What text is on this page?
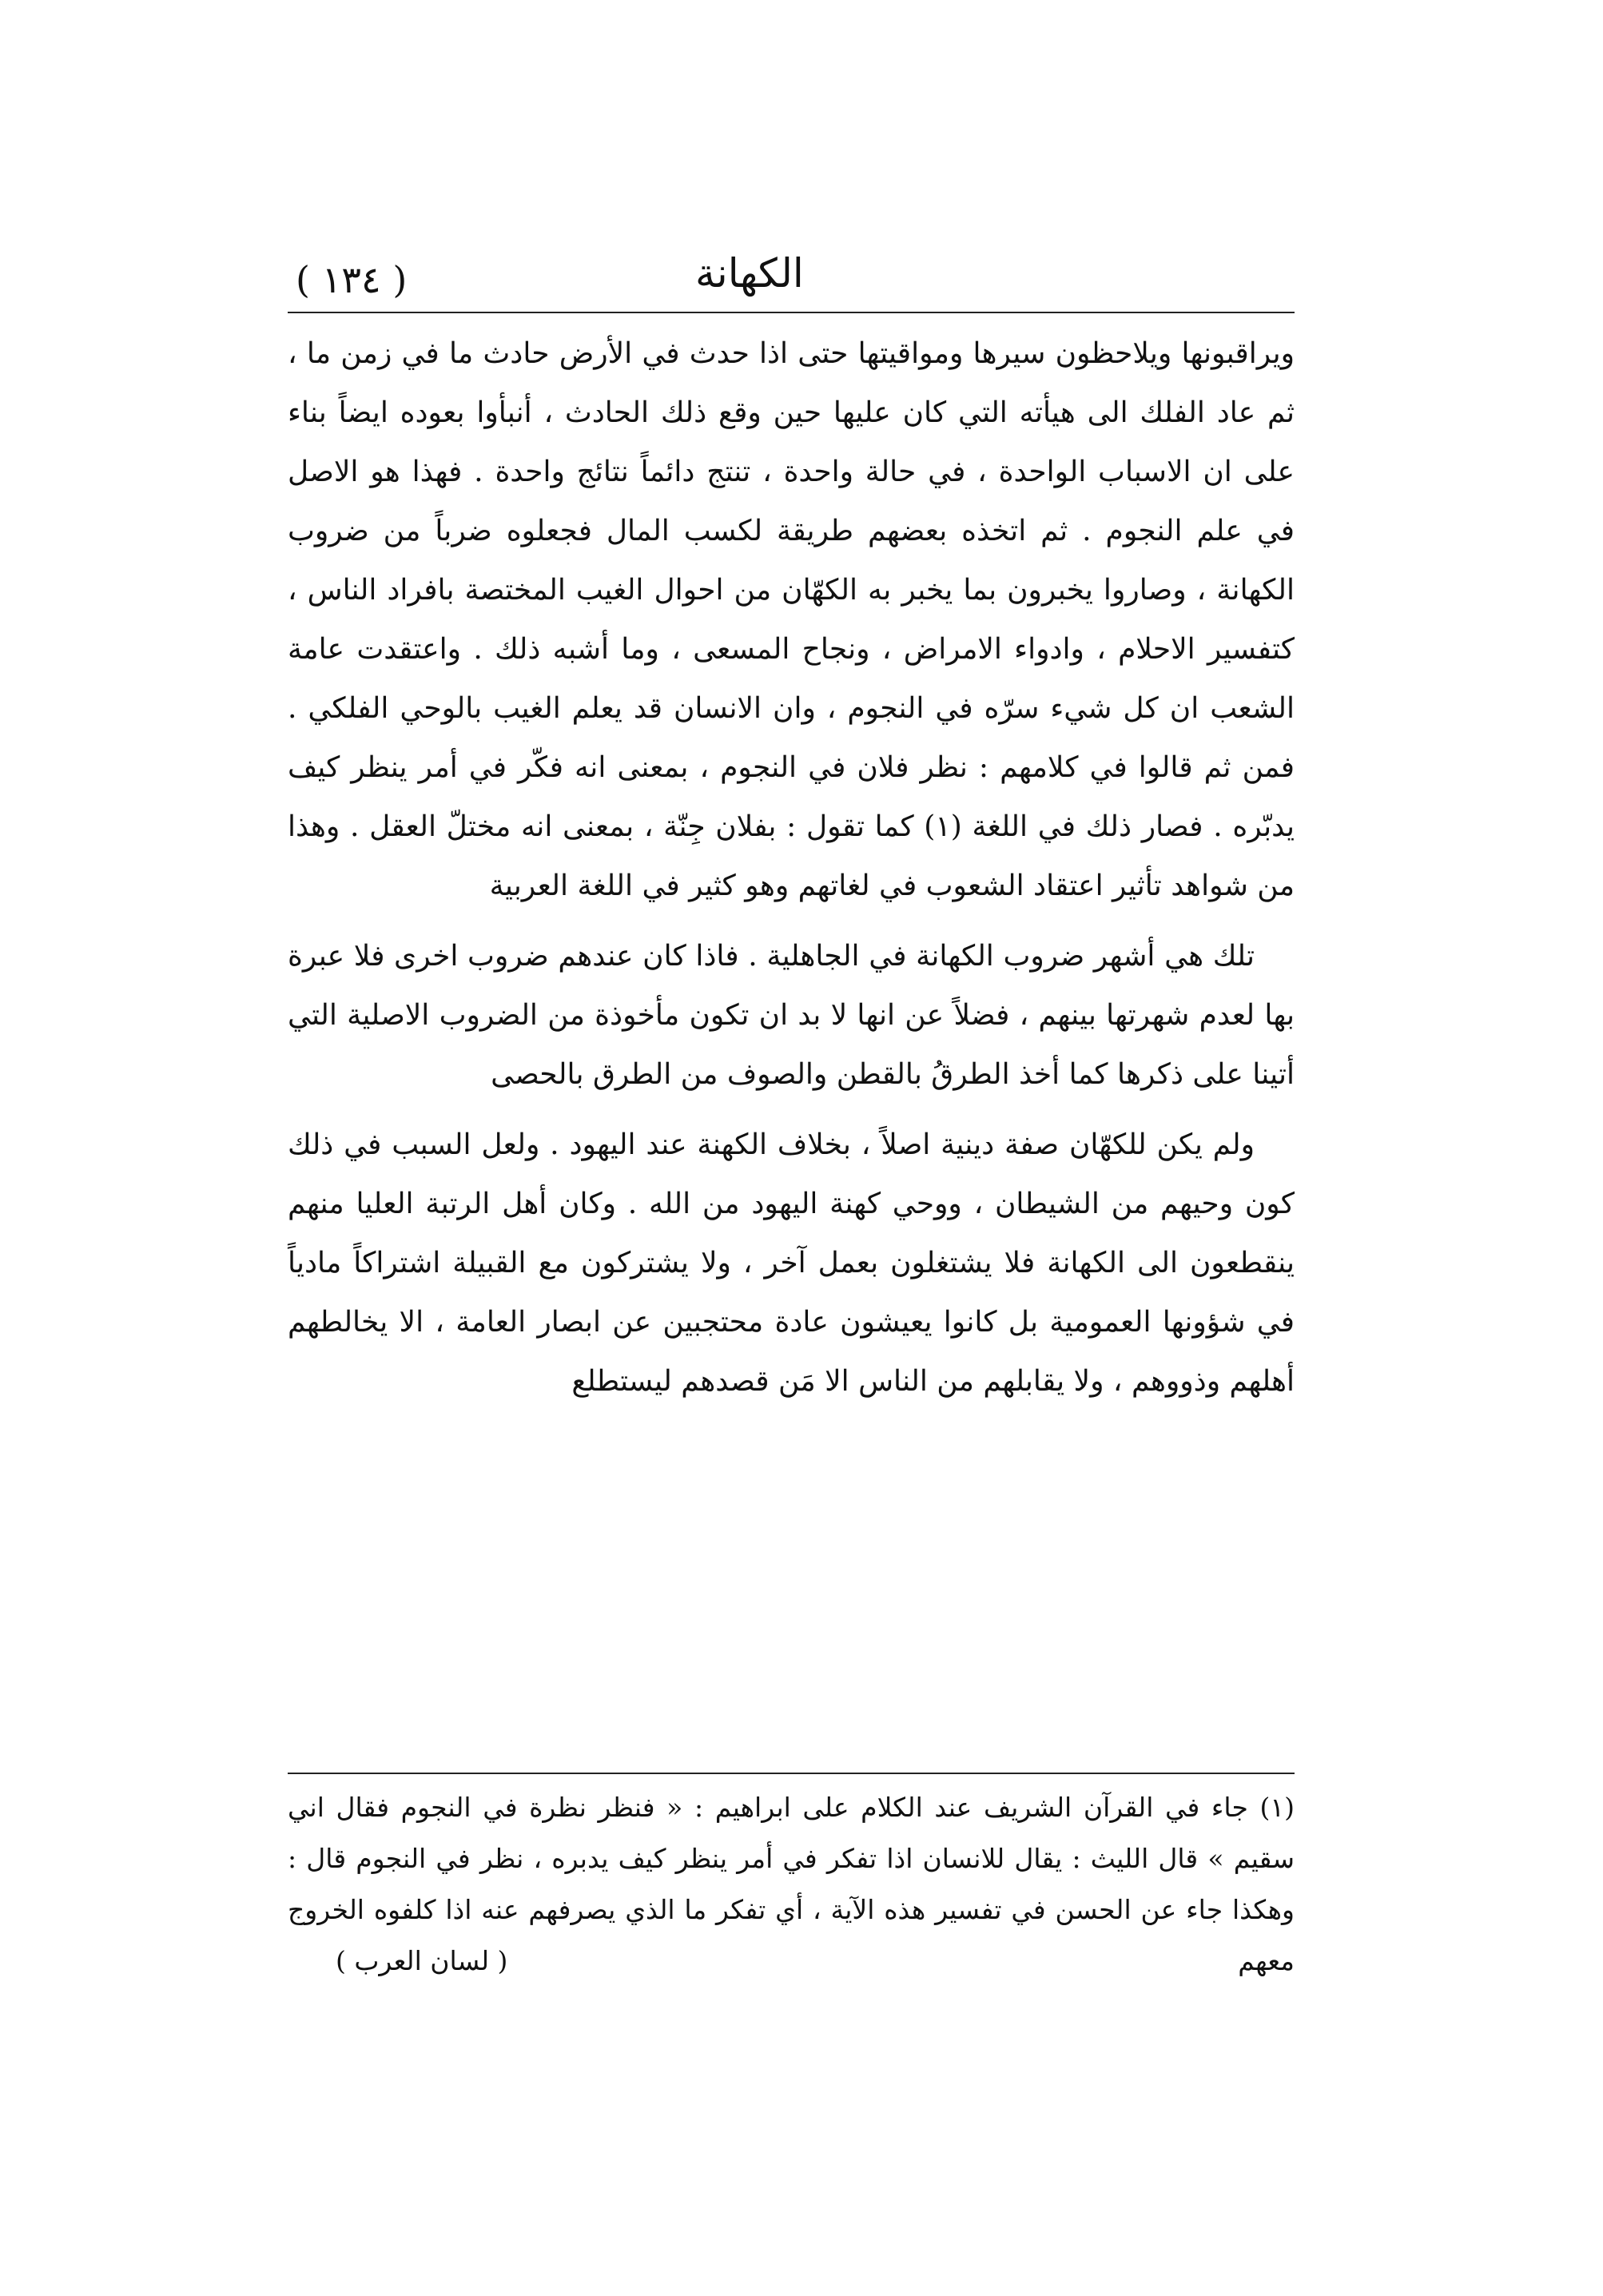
( ١٣٤ )	الكهانة

ويراقبونها ويلاحظون سيرها ومواقيتها حتى اذا حدث في الأرض حادث ما في زمن ما ، ثم عاد الفلك الى هيأته التي كان عليها حين وقع ذلك الحادث ، أنبأوا بعوده ايضاً بناء على ان الاسباب الواحدة ، في حالة واحدة ، تنتج دائماً نتائج واحدة . فهذا هو الاصل في علم النجوم . ثم اتخذه بعضهم طريقة لكسب المال فجعلوه ضرباً من ضروب الكهانة ، وصاروا يخبرون بما يخبر به الكهّان من احوال الغيب المختصة بافراد الناس ، كتفسير الاحلام ، وادواء الامراض ، ونجاح المسعى ، وما أشبه ذلك . واعتقدت عامة الشعب ان كل شيء سرّه في النجوم ، وان الانسان قد يعلم الغيب بالوحي الفلكي . فمن ثم قالوا في كلامهم : نظر فلان في النجوم ، بمعنى انه فكّر في أمر ينظر كيف يدبّره . فصار ذلك في اللغة (١) كما تقول : بفلان جِنّة ، بمعنى انه مختلّ العقل . وهذا من شواهد تأثير اعتقاد الشعوب في لغاتهم وهو كثير في اللغة العربية

تلك هي أشهر ضروب الكهانة في الجاهلية . فاذا كان عندهم ضروب اخرى فلا عبرة بها لعدم شهرتها بينهم ، فضلاً عن انها لا بد ان تكون مأخوذة من الضروب الاصلية التي أتينا على ذكرها كما أخذ الطرقُ بالقطن والصوف من الطرق بالحصى

ولم يكن للكهّان صفة دينية اصلاً ، بخلاف الكهنة عند اليهود . ولعل السبب في ذلك كون وحيهم من الشيطان ، ووحي كهنة اليهود من الله . وكان أهل الرتبة العليا منهم ينقطعون الى الكهانة فلا يشتغلون بعمل آخر ، ولا يشتركون مع القبيلة اشتراكاً مادياً في شؤونها العمومية بل كانوا يعيشون عادة محتجبين عن ابصار العامة ، الا يخالطهم أهلهم وذووهم ، ولا يقابلهم من الناس الا مَن قصدهم ليستطلع

(١) جاء في القرآن الشريف عند الكلام على ابراهيم : « فنظر نظرة في النجوم فقال اني سقيم » قال الليث : يقال للانسان اذا تفكر في أمر ينظر كيف يدبره ، نظر في النجوم قال : وهكذا جاء عن الحسن في تفسير هذه الآية ، أي تفكر ما الذي يصرفهم عنه اذا كلفوه الخروج معهم
( لسان العرب )
